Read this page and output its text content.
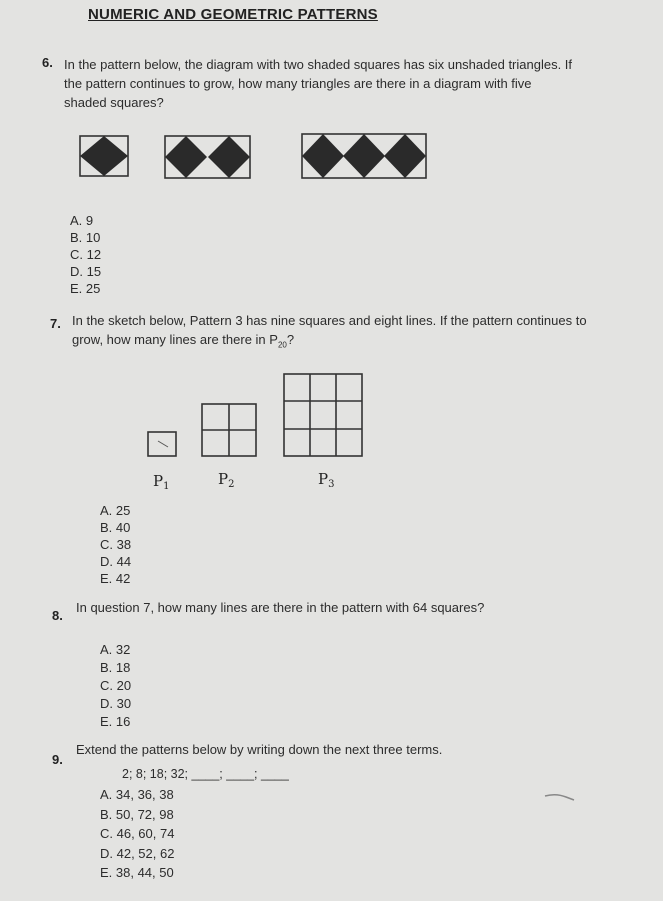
NUMERIC AND GEOMETRIC PATTERNS
6. In the pattern below, the diagram with two shaded squares has six unshaded triangles. If the pattern continues to grow, how many triangles are there in a diagram with five shaded squares?
A. 9
B. 10
C. 12
D. 15
E. 25
7. In the sketch below, Pattern 3 has nine squares and eight lines. If the pattern continues to grow, how many lines are there in $P_{20}$?
$P_1$	$P_2$	$P_3$
A. 25
B. 40
C. 38
D. 44
E. 42
8.
In question 7, how many lines are there in the pattern with 64 squares?
A. 32
B. 18
C. 20
D. 30
E. 16
9.
Extend the patterns below by writing down the next three terms.
2; 8; 18; 32; ____; ____; ____
A. 34, 36, 38
B. 50, 72, 98
C. 46, 60, 74
D. 42, 52, 62
E. 38, 44, 50
